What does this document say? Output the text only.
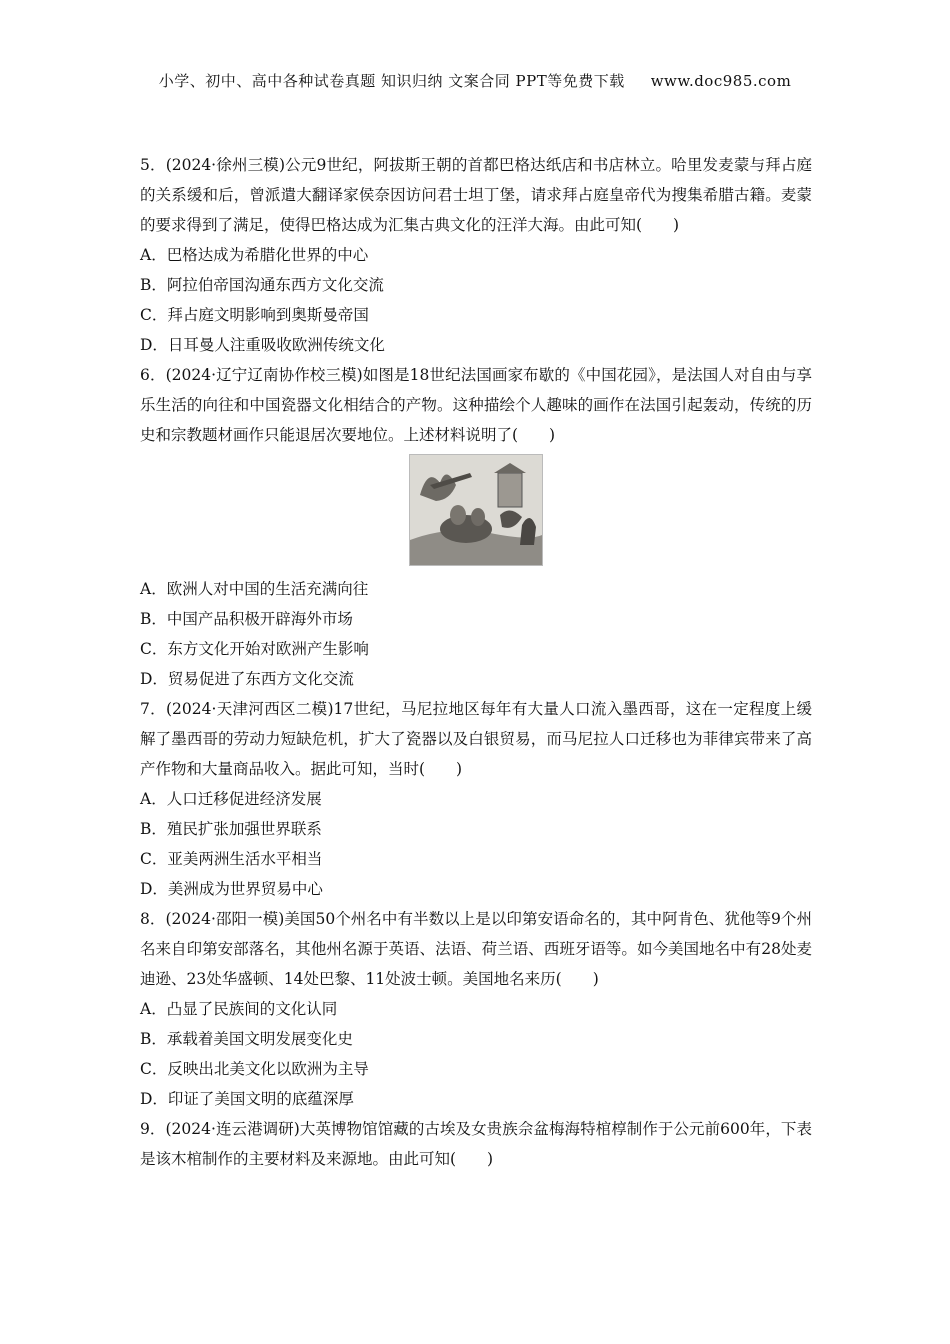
小学、初中、高中各种试卷真题 知识归纳 文案合同 PPT等免费下载 www.doc985.com
5．(2024·徐州三模)公元9世纪，阿拔斯王朝的首都巴格达纸店和书店林立。哈里发麦蒙与拜占庭的关系缓和后，曾派遣大翻译家侯奈因访问君士坦丁堡，请求拜占庭皇帝代为搜集希腊古籍。麦蒙的要求得到了满足，使得巴格达成为汇集古典文化的汪洋大海。由此可知(　　)
A．巴格达成为希腊化世界的中心
B．阿拉伯帝国沟通东西方文化交流
C．拜占庭文明影响到奥斯曼帝国
D．日耳曼人注重吸收欧洲传统文化
6．(2024·辽宁辽南协作校三模)如图是18世纪法国画家布歇的《中国花园》，是法国人对自由与享乐生活的向往和中国瓷器文化相结合的产物。这种描绘个人趣味的画作在法国引起轰动，传统的历史和宗教题材画作只能退居次要地位。上述材料说明了(　　)
A．欧洲人对中国的生活充满向往
B．中国产品积极开辟海外市场
C．东方文化开始对欧洲产生影响
D．贸易促进了东西方文化交流
7．(2024·天津河西区二模)17世纪，马尼拉地区每年有大量人口流入墨西哥，这在一定程度上缓解了墨西哥的劳动力短缺危机，扩大了瓷器以及白银贸易，而马尼拉人口迁移也为菲律宾带来了高产作物和大量商品收入。据此可知，当时(　　)
A．人口迁移促进经济发展
B．殖民扩张加强世界联系
C．亚美两洲生活水平相当
D．美洲成为世界贸易中心
8．(2024·邵阳一模)美国50个州名中有半数以上是以印第安语命名的，其中阿肯色、犹他等9个州名来自印第安部落名，其他州名源于英语、法语、荷兰语、西班牙语等。如今美国地名中有28处麦迪逊、23处华盛顿、14处巴黎、11处波士顿。美国地名来历(　　)
A．凸显了民族间的文化认同
B．承载着美国文明发展变化史
C．反映出北美文化以欧洲为主导
D．印证了美国文明的底蕴深厚
9．(2024·连云港调研)大英博物馆馆藏的古埃及女贵族佘盆梅海特棺椁制作于公元前600年，下表是该木棺制作的主要材料及来源地。由此可知(　　)
